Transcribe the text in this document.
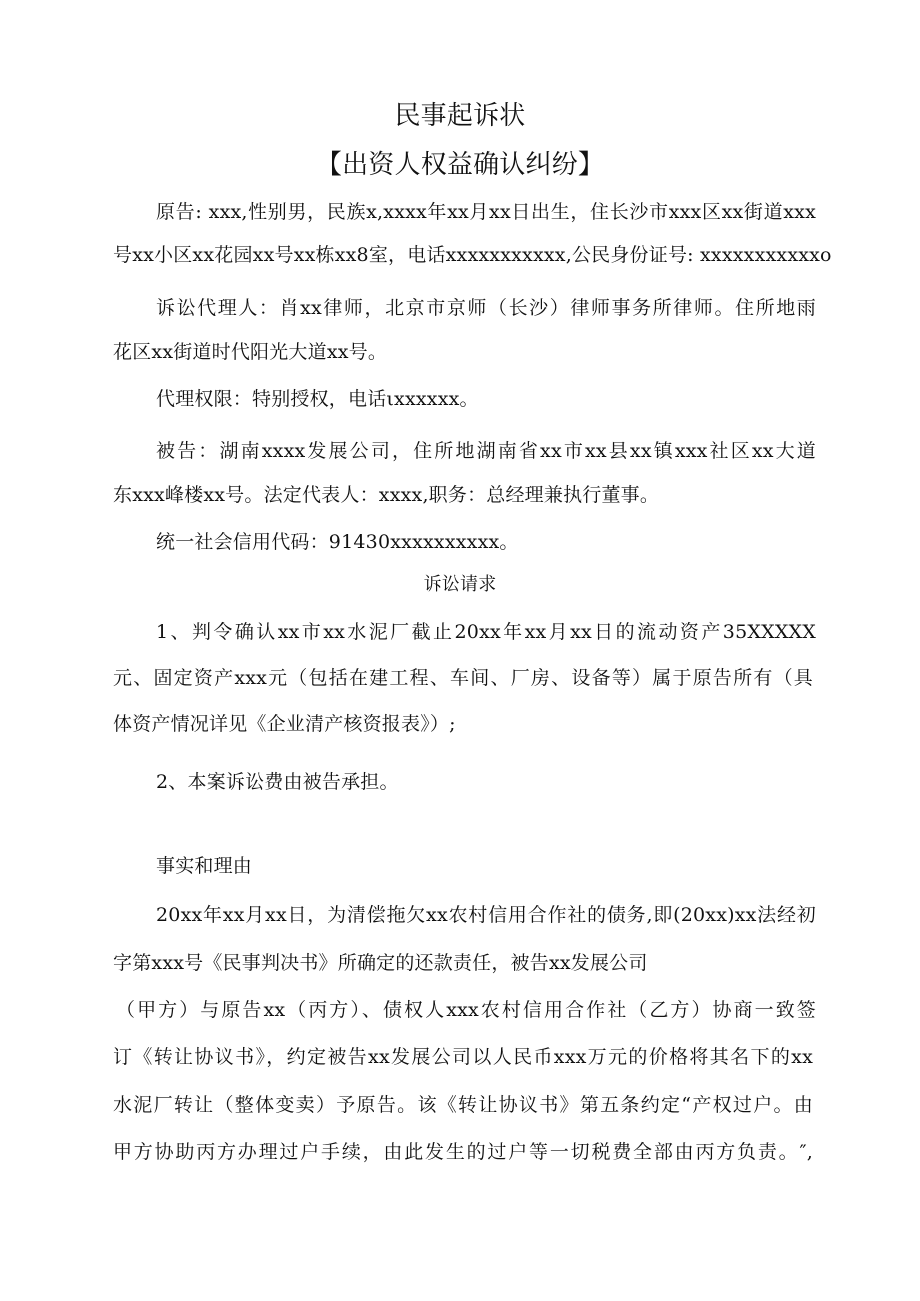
民事起诉状
【出资人权益确认纠纷】
原告: xxx,性别男，民族x,xxxx年xx月xx日出生，住长沙市xxx区xx街道xxx
号xx小区xx花园xx号xx栋xx8室，电话xxxxxxxxxxx,公民身份证号: xxxxxxxxxxxo
诉讼代理人：肖xx律师，北京市京师（长沙）律师事务所律师。住所地雨
花区xx街道时代阳光大道xx号。
代理权限：特别授权，电话ιxxxxxx。
被告：湖南xxxx发展公司，住所地湖南省xx市xx县xx镇xxx社区xx大道
东xxx峰楼xx号。法定代表人：xxxx,职务：总经理兼执行董事。
统一社会信用代码：91430xxxxxxxxxx。
诉讼请求
1、判令确认xx市xx水泥厂截止20xx年xx月xx日的流动资产35XXXXX
元、固定资产xxx元（包括在建工程、车间、厂房、设备等）属于原告所有（具
体资产情况详见《企业清产核资报表》）;
2、本案诉讼费由被告承担。
事实和理由
20xx年xx月xx日，为清偿拖欠xx农村信用合作社的债务,即(20xx)xx法经初
字第xxx号《民事判决书》所确定的还款责任，被告xx发展公司
（甲方）与原告xx（丙方）、债权人xxx农村信用合作社（乙方）协商一致签
订《转让协议书》，约定被告xx发展公司以人民币xxx万元的价格将其名下的xx
水泥厂转让（整体变卖）予原告。该《转让协议书》第五条约定“产权过户。由
甲方协助丙方办理过户手续，由此发生的过户等一切税费全部由丙方负责。″,
